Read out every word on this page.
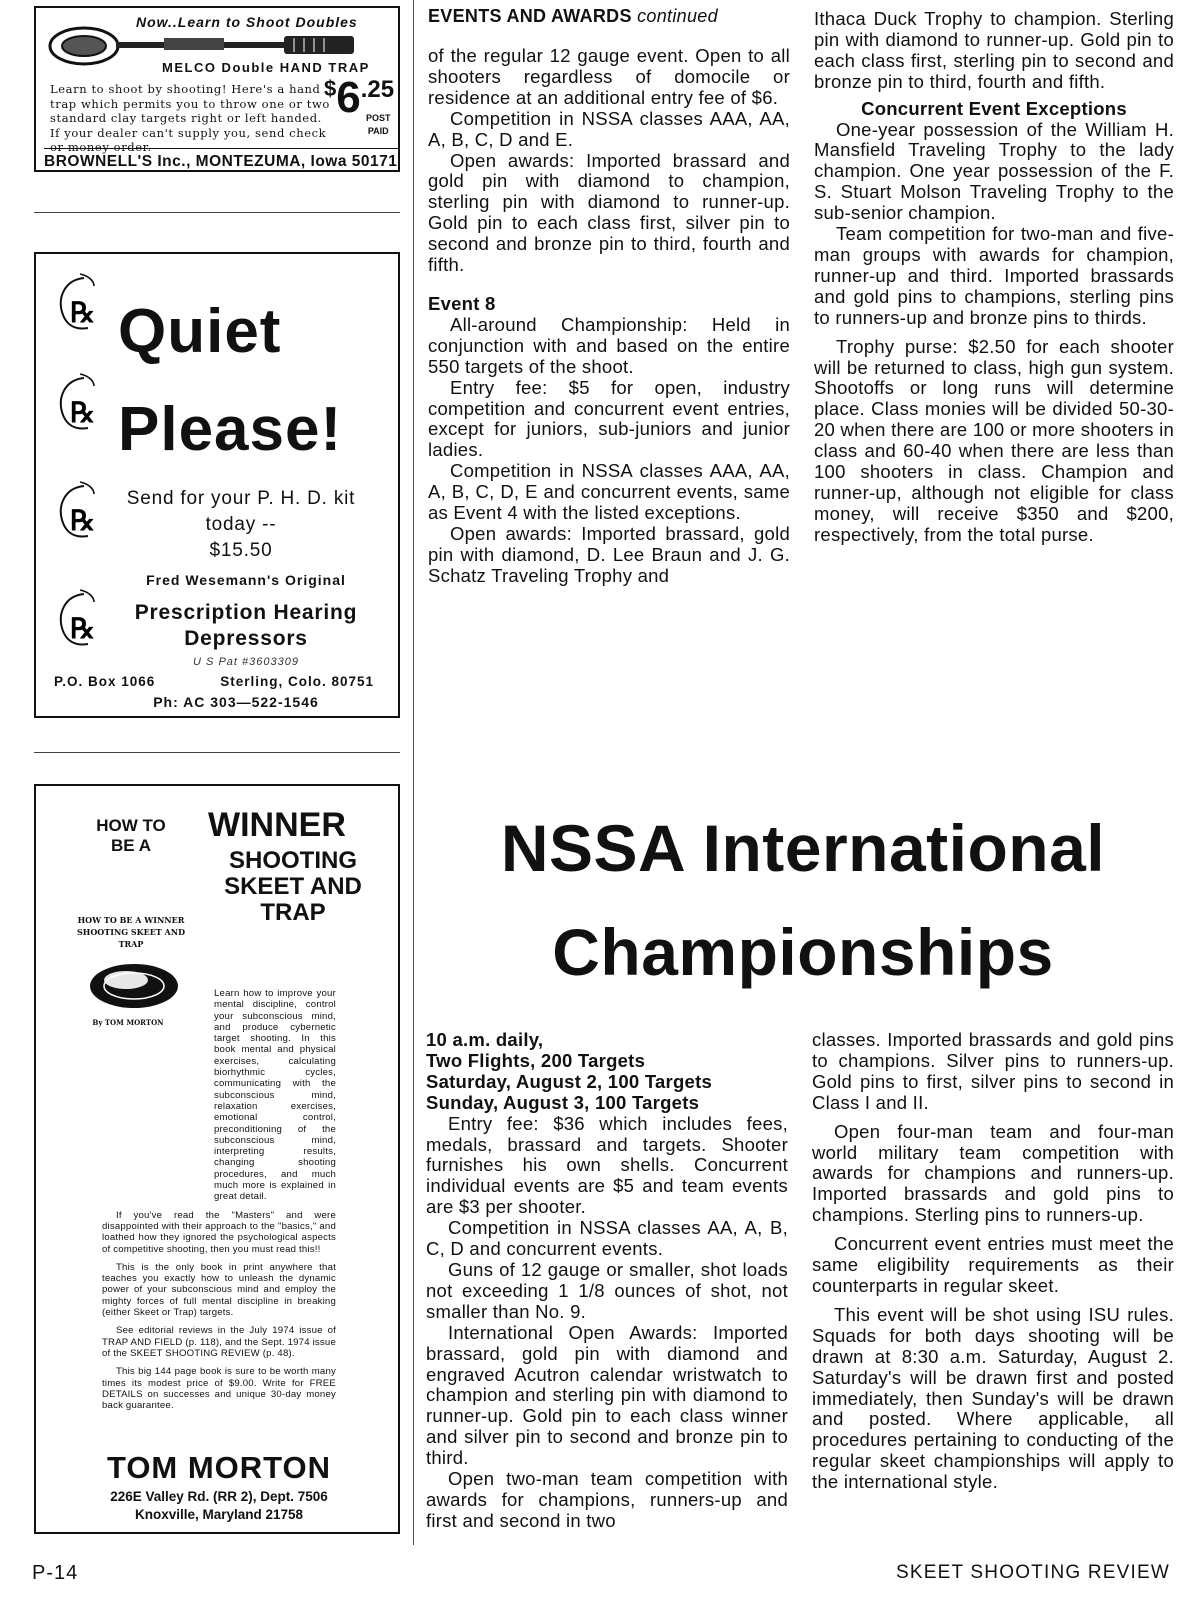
Now..Learn to Shoot Doubles
MELCO Double HAND TRAP
Learn to shoot by shooting! Here's a hand trap which permits you to throw one or two standard clay targets right or left handed. If your dealer can't supply you, send check or money order.
$6.25
POST
PAID
BROWNELL'S Inc., MONTEZUMA, Iowa 50171
℞
℞
℞
℞
Quiet
Please!
Send for your P. H. D. kit
today --
$15.50
Fred Wesemann's Original
Prescription Hearing
Depressors
U S Pat #3603309
P.O. Box 1066	Sterling, Colo. 80751
Ph: AC 303—522-1546
HOW TO BE A
WINNER
SHOOTING SKEET AND TRAP
HOW TO BE A WINNER SHOOTING SKEET AND TRAP
By TOM MORTON

Learn how to improve your mental discipline, control your subconscious mind, and produce cybernetic target shooting. In this book mental and physical exercises, calculating biorhythmic cycles, communicating with the subconscious mind, relaxation exercises, emotional control, preconditioning of the subconscious mind, interpreting results, changing shooting procedures, and much much more is explained in great detail.

If you've read the "Masters" and were disappointed with their approach to the "basics," and loathed how they ignored the psychological aspects of competitive shooting, then you must read this!!

This is the only book in print anywhere that teaches you exactly how to unleash the dynamic power of your subconscious mind and employ the mighty forces of full mental discipline in breaking (either Skeet or Trap) targets.

See editorial reviews in the July 1974 issue of TRAP AND FIELD (p. 118), and the Sept. 1974 issue of the SKEET SHOOTING REVIEW (p. 48).

This big 144 page book is sure to be worth many times its modest price of $9.00. Write for FREE DETAILS on successes and unique 30-day money back guarantee.

TOM MORTON
226E Valley Rd. (RR 2), Dept. 7506
Knoxville, Maryland 21758
EVENTS AND AWARDS continued

of the regular 12 gauge event. Open to all shooters regardless of domocile or residence at an additional entry fee of $6.

Competition in NSSA classes AAA, AA, A, B, C, D and E.

Open awards: Imported brassard and gold pin with diamond to champion, sterling pin with diamond to runner-up. Gold pin to each class first, silver pin to second and bronze pin to third, fourth and fifth.

Event 8

All-around Championship: Held in conjunction with and based on the entire 550 targets of the shoot.

Entry fee: $5 for open, industry competition and concurrent event entries, except for juniors, sub-juniors and junior ladies.

Competition in NSSA classes AAA, AA, A, B, C, D, E and concurrent events, same as Event 4 with the listed exceptions.

Open awards: Imported brassard, gold pin with diamond, D. Lee Braun and J. G. Schatz Traveling Trophy and

Ithaca Duck Trophy to champion. Sterling pin with diamond to runner-up. Gold pin to each class first, sterling pin to second and bronze pin to third, fourth and fifth.

Concurrent Event Exceptions

One-year possession of the William H. Mansfield Traveling Trophy to the lady champion. One year possession of the F. S. Stuart Molson Traveling Trophy to the sub-senior champion.

Team competition for two-man and five-man groups with awards for champion, runner-up and third. Imported brassards and gold pins to champions, sterling pins to runners-up and bronze pins to thirds.

Trophy purse: $2.50 for each shooter will be returned to class, high gun system. Shootoffs or long runs will determine place. Class monies will be divided 50-30-20 when there are 100 or more shooters in class and 60-40 when there are less than 100 shooters in class. Champion and runner-up, although not eligible for class money, will receive $350 and $200, respectively, from the total purse.

NSSA International
Championships
10 a.m. daily,
Two Flights, 200 Targets
Saturday, August 2, 100 Targets
Sunday, August 3, 100 Targets

Entry fee: $36 which includes fees, medals, brassard and targets. Shooter furnishes his own shells. Concurrent individual events are $5 and team events are $3 per shooter.

Competition in NSSA classes AA, A, B, C, D and concurrent events.

Guns of 12 gauge or smaller, shot loads not exceeding 1 1/8 ounces of shot, not smaller than No. 9.

International Open Awards: Imported brassard, gold pin with diamond and engraved Acutron calendar wristwatch to champion and sterling pin with diamond to runner-up. Gold pin to each class winner and silver pin to second and bronze pin to third.

Open two-man team competition with awards for champions, runners-up and first and second in two

classes. Imported brassards and gold pins to champions. Silver pins to runners-up. Gold pins to first, silver pins to second in Class I and II.

Open four-man team and four-man world military team competition with awards for champions and runners-up. Imported brassards and gold pins to champions. Sterling pins to runners-up.

Concurrent event entries must meet the same eligibility requirements as their counterparts in regular skeet.

This event will be shot using ISU rules. Squads for both days shooting will be drawn at 8:30 a.m. Saturday, August 2. Saturday's will be drawn first and posted immediately, then Sunday's will be drawn and posted. Where applicable, all procedures pertaining to conducting of the regular skeet championships will apply to the international style.

P-14	SKEET SHOOTING REVIEW
